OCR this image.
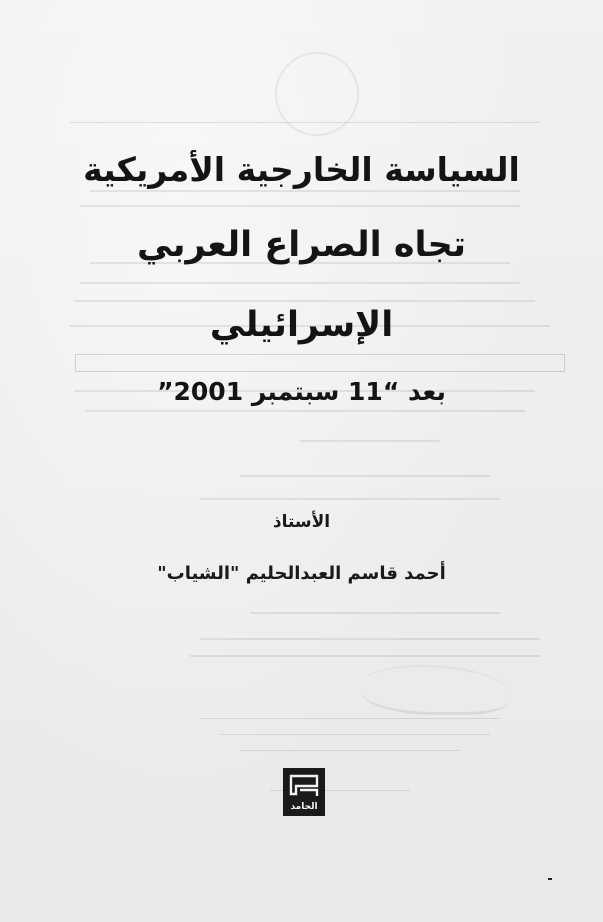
السياسة الخارجية الأمريكية
تجاه الصراع العربي
الإسرائيلي
بعد “11 سبتمبر 2001”
الأستاذ
أحمد قاسم العبدالحليم "الشياب"
الحامد
